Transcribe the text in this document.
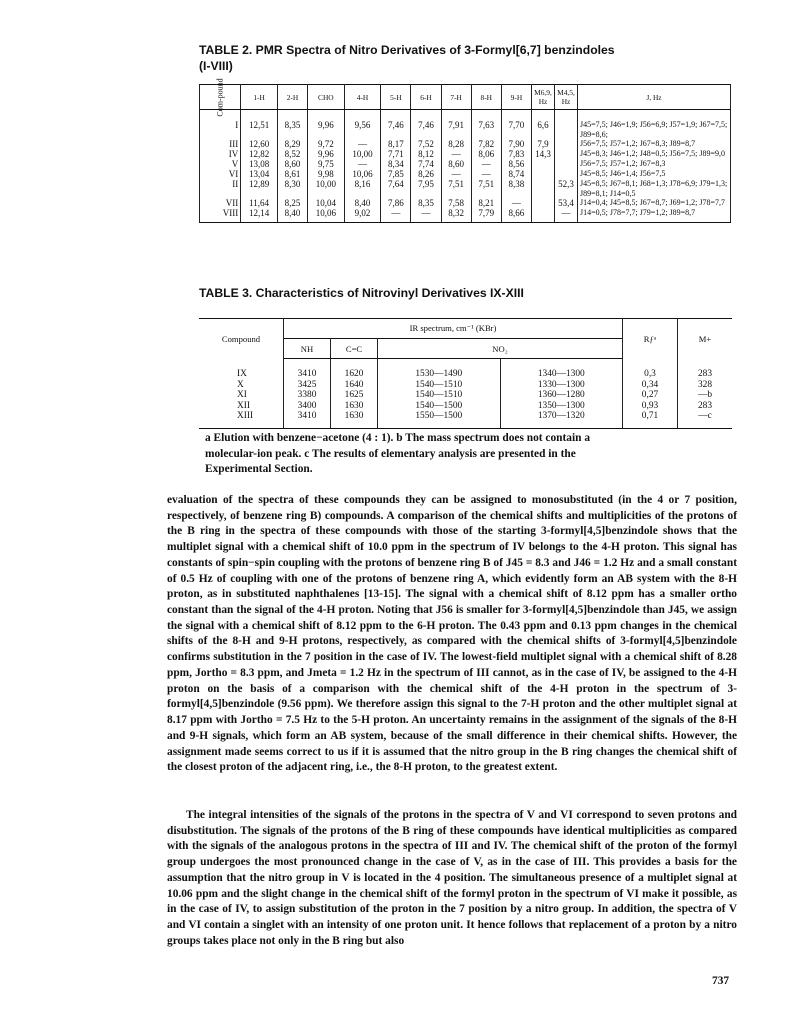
TABLE 2. PMR Spectra of Nitro Derivatives of 3-Formyl[6,7] benzindoles (I-VIII)
Com-pound	1-H	2-H	CHO	4-H	5-H	6-H	7-H	8-H	9-H	M6,9, Hz	M4,5, Hz	J, Hz
I	12,51	8,35	9,96	9,56	7,46	7,46	7,91	7,63	7,70	6,6		J45=7,5; J46=1,9; J56=6,9; J57=1,9; J67=7,5; J89=8,6;
III	12,60	8,29	9,72	—	8,17	7,52	8,28	7,82	7,90	7,9		J56=7,5; J57=1,2; J67=8,3; J89=8,7
IV	12,82	8,52	9,96	10,00	7,71	8,12	—	8,06	7,83	14,3		J45=8,3; J46=1,2; J48=0,5; J56=7,5; J89=9,0
V	13,08	8,60	9,75	—	8,34	7,74	8,60	—	8,56			J56=7,5; J57=1,2; J67=8,3
VI	13,04	8,61	9,98	10,06	7,85	8,26	—	—	8,74			J45=8,5; J46=1,4; J56=7,5
II	12,89	8,30	10,00	8,16	7,64	7,95	7,51	7,51	8,38		52,3	J45=8,5; J67=8,1; J68=1,3; J78=6,9; J79=1,3; J89=8,1; J14=0,5
VII	11,64	8,25	10,04	8,40	7,86	8,35	7,58	8,21	—		53,4	J14=0,4; J45=8,5; J67=8,7; J69=1,2; J78=7,7
VIII	12,14	8,40	10,06	9,02	—	—	8,32	7,79	8,66		—	J14=0,5; J78=7,7; J79=1,2; J89=8,7
TABLE 3. Characteristics of Nitrovinyl Derivatives IX-XIII
Compound	IR spectrum, cm⁻¹ (KBr)				Rƒᵃ	M+
	NH	C=C	NO₂			
IX	3410	1620	1530—1490	1340—1300	0,3	283
X	3425	1640	1540—1510	1330—1300	0,34	328
XI	3380	1625	1540—1510	1360—1280	0,27	—b
XII	3400	1630	1540—1500	1350—1300	0,93	283
XIII	3410	1630	1550—1500	1370—1320	0,71	—c
a Elution with benzene−acetone (4 : 1). b The mass spectrum does not contain a molecular-ion peak. c The results of elementary analysis are presented in the Experimental Section.

evaluation of the spectra of these compounds they can be assigned to monosubstituted (in the 4 or 7 position, respectively, of benzene ring B) compounds. A comparison of the chemical shifts and multiplicities of the protons of the B ring in the spectra of these compounds with those of the starting 3-formyl[4,5]benzindole shows that the multiplet signal with a chemical shift of 10.0 ppm in the spectrum of IV belongs to the 4-H proton. This signal has constants of spin−spin coupling with the protons of benzene ring B of J45 = 8.3 and J46 = 1.2 Hz and a small constant of 0.5 Hz of coupling with one of the protons of benzene ring A, which evidently form an AB system with the 8-H proton, as in substituted naphthalenes [13-15]. The signal with a chemical shift of 8.12 ppm has a smaller ortho constant than the signal of the 4-H proton. Noting that J56 is smaller for 3-formyl[4,5]benzindole than J45, we assign the signal with a chemical shift of 8.12 ppm to the 6-H proton. The 0.43 ppm and 0.13 ppm changes in the chemical shifts of the 8-H and 9-H protons, respectively, as compared with the chemical shifts of 3-formyl[4,5]benzindole confirms substitution in the 7 position in the case of IV. The lowest-field multiplet signal with a chemical shift of 8.28 ppm, Jortho = 8.3 ppm, and Jmeta = 1.2 Hz in the spectrum of III cannot, as in the case of IV, be assigned to the 4-H proton on the basis of a comparison with the chemical shift of the 4-H proton in the spectrum of 3-formyl[4,5]benzindole (9.56 ppm). We therefore assign this signal to the 7-H proton and the other multiplet signal at 8.17 ppm with Jortho = 7.5 Hz to the 5-H proton. An uncertainty remains in the assignment of the signals of the 8-H and 9-H signals, which form an AB system, because of the small difference in their chemical shifts. However, the assignment made seems correct to us if it is assumed that the nitro group in the B ring changes the chemical shift of the closest proton of the adjacent ring, i.e., the 8-H proton, to the greatest extent.

The integral intensities of the signals of the protons in the spectra of V and VI correspond to seven protons and disubstitution. The signals of the protons of the B ring of these compounds have identical multiplicities as compared with the signals of the analogous protons in the spectra of III and IV. The chemical shift of the proton of the formyl group undergoes the most pronounced change in the case of V, as in the case of III. This provides a basis for the assumption that the nitro group in V is located in the 4 position. The simultaneous presence of a multiplet signal at 10.06 ppm and the slight change in the chemical shift of the formyl proton in the spectrum of VI make it possible, as in the case of IV, to assign substitution of the proton in the 7 position by a nitro group. In addition, the spectra of V and VI contain a singlet with an intensity of one proton unit. It hence follows that replacement of a proton by a nitro groups takes place not only in the B ring but also

737
